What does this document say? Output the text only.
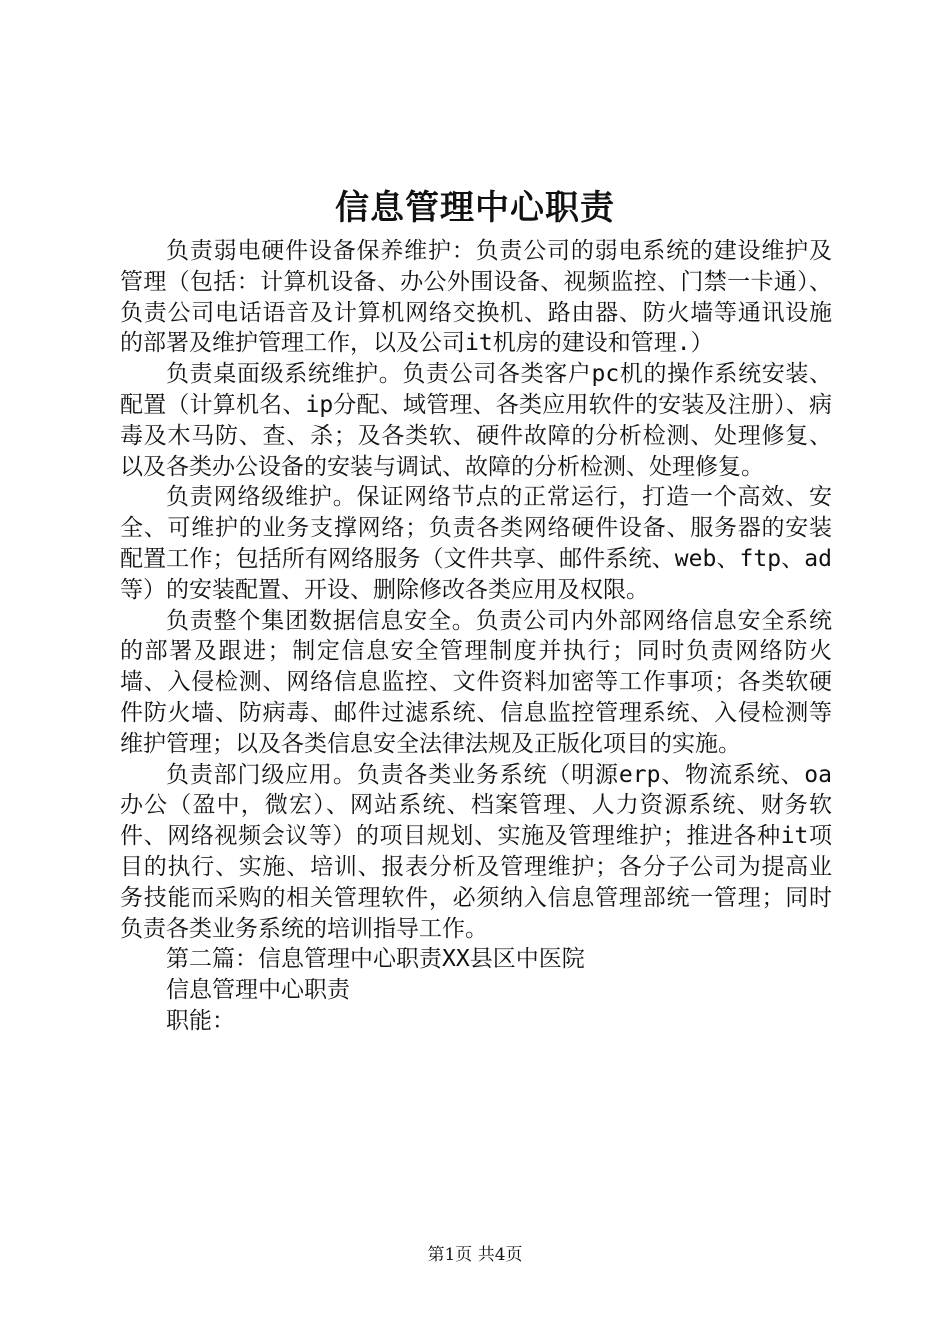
信息管理中心职责

负责弱电硬件设备保养维护：负责公司的弱电系统的建设维护及管理（包括：计算机设备、办公外围设备、视频监控、门禁一卡通）、负责公司电话语音及计算机网络交换机、路由器、防火墙等通讯设施的部署及维护管理工作，以及公司it机房的建设和管理.）

负责桌面级系统维护。负责公司各类客户pc机的操作系统安装、配置（计算机名、ip分配、域管理、各类应用软件的安装及注册）、病毒及木马防、查、杀；及各类软、硬件故障的分析检测、处理修复、以及各类办公设备的安装与调试、故障的分析检测、处理修复。

负责网络级维护。保证网络节点的正常运行，打造一个高效、安全、可维护的业务支撑网络；负责各类网络硬件设备、服务器的安装配置工作；包括所有网络服务（文件共享、邮件系统、web、ftp、ad等）的安装配置、开设、删除修改各类应用及权限。

负责整个集团数据信息安全。负责公司内外部网络信息安全系统的部署及跟进；制定信息安全管理制度并执行；同时负责网络防火墙、入侵检测、网络信息监控、文件资料加密等工作事项；各类软硬件防火墙、防病毒、邮件过滤系统、信息监控管理系统、入侵检测等维护管理；以及各类信息安全法律法规及正版化项目的实施。

负责部门级应用。负责各类业务系统（明源erp、物流系统、oa办公（盈中，微宏）、网站系统、档案管理、人力资源系统、财务软件、网络视频会议等）的项目规划、实施及管理维护；推进各种it项目的执行、实施、培训、报表分析及管理维护；各分子公司为提高业务技能而采购的相关管理软件，必须纳入信息管理部统一管理；同时负责各类业务系统的培训指导工作。

第二篇：信息管理中心职责XX县区中医院

信息管理中心职责

职能：

第1页 共4页
